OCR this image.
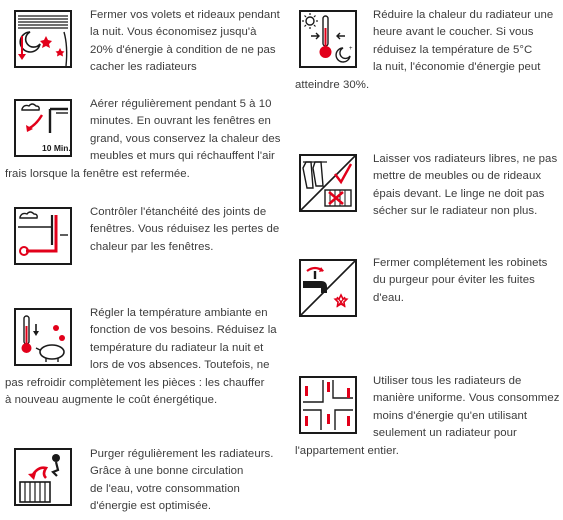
Fermer vos volets et rideaux pendant
la nuit. Vous économisez jusqu'à
20% d'énergie à condition de ne pas
cacher les radiateurs
10 Min.
Aérer régulièrement pendant 5 à 10
minutes. En ouvrant les fenêtres en
grand, vous conservez la chaleur des
meubles et murs qui réchauffent l'air
frais lorsque la fenêtre est refermée.
Contrôler l'étanchéité des joints de
fenêtres. Vous réduisez les pertes de
chaleur par les fenêtres.
Régler la température ambiante en
fonction de vos besoins. Réduisez la
température du radiateur la nuit et
lors de vos absences. Toutefois, ne
pas refroidir complètement les pièces : les chauffer
à nouveau augmente le coût énergétique.
Purger régulièrement les radiateurs.
Grâce à une bonne circulation
de l'eau, votre consommation
d'énergie est optimisée.
+
Réduire la chaleur du radiateur une
heure avant le coucher. Si vous
réduisez la température de 5°C
la nuit, l'économie d'énergie peut
atteindre 30%.
Laisser vos radiateurs libres, ne pas
mettre de meubles ou de rideaux
épais devant. Le linge ne doit pas
sécher sur le radiateur non plus.
Fermer complétement les robinets
du purgeur pour éviter les fuites
d'eau.
Utiliser tous les radiateurs de
manière uniforme. Vous consommez
moins d'énergie qu'en utilisant
seulement un radiateur pour
l'appartement entier.
